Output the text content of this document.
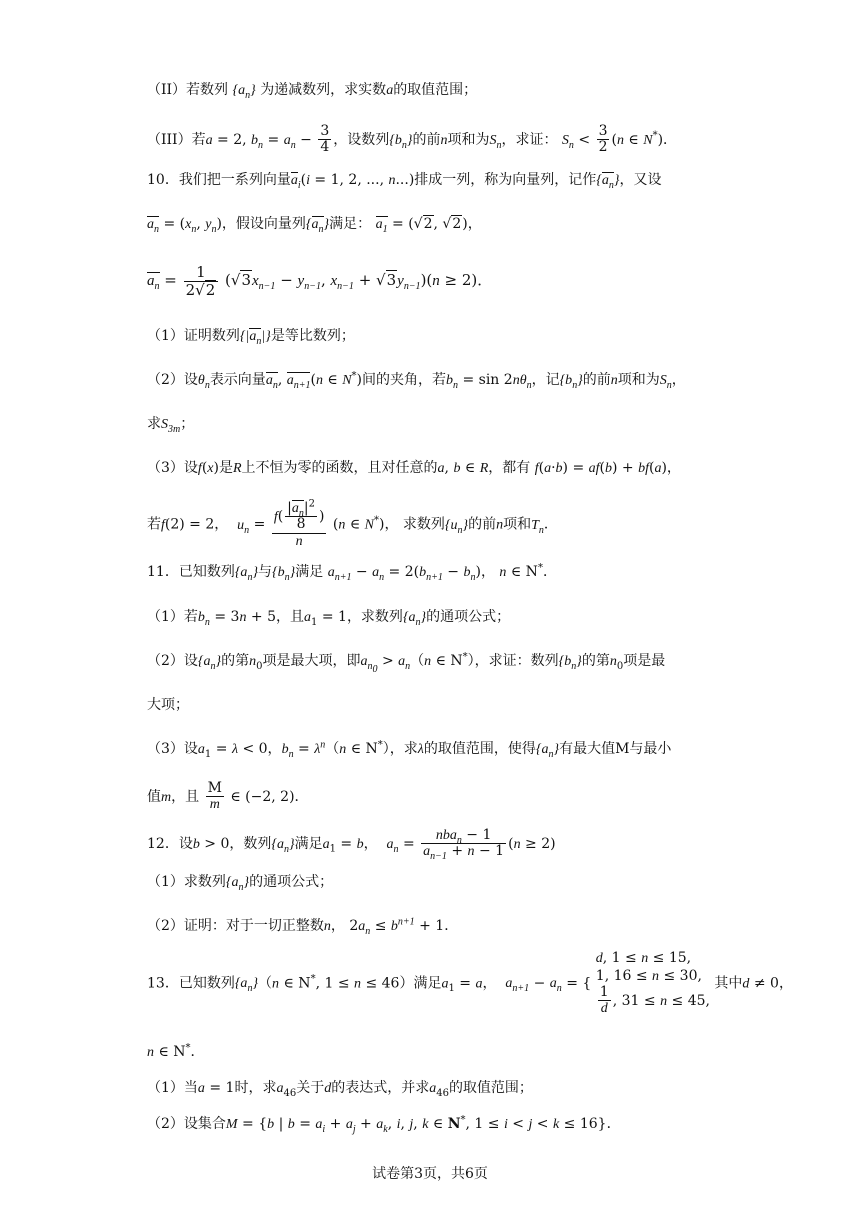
（II）若数列 $\{a_n\}$ 为递减数列，求实数a的取值范围；
（III）若a = 2, $b_n = a_n - \frac{3}{4}$ ，设数列$\{b_n\}$的前n项和为$S_n$，求证： $S_n < \frac{3}{2} (n$ ∈ N*)．
10．我们把一系列向量$a_i(i = 1$, 2, ..., n...)排成一列，称为向量列，记作$\{a_n\}$，又设
$a_n = (x_n$, $y_n$)，假设向量列$\{a_n\}$满足： $a_1 = (√2$, √2)，
$a_n = \frac{1}{2√2} (√3x_{n-1} - y_{n-1}$, $x_{n-1} + √3y_{n-1})(n \ge 2)$．
（1）证明数列$\{|a_n|\}$是等比数列；
（2）设$\theta_n$表示向量$a_n$, $a_{n+1}(n$ ∈ N*)间的夹角，若$b_n = \sin 2n\theta_n$，记$\{b_n\}$的前n项和为$S_n$，
求$S_{3m}$；
（3）设f(x)是R上不恒为零的函数，且对任意的a, b ∈ R，都有 f(a·b) = af(b) + bf(a)，
若f(2) = 2，  $u_n = \frac{f( \frac{|a_n|^2}{8} )}{n} (n$ ∈ N*)， 求数列$\{u_n\}$的前n项和$T_n$．
11．已知数列$\{a_n\}$与$\{b_n\}$满足 $a_{n+1} - a_n = 2(b_{n+1} - b_n)$， n ∈ N*．
（1）若$b_n = 3n + 5$，且$a_1 = 1$，求数列$\{a_n\}$的通项公式；
（2）设$\{a_n\}$的第$n_0$项是最大项，即$a_{n_0} > a_n(n$ ∈ N*），求证：数列$\{b_n\}$的第$n_0$项是最
大项；
（3）设$a_1 = \lambda < 0$，$b_n = \lambda^n(n$ ∈ N*），求λ的取值范围，使得$\{a_n\}$有最大值M与最小
值m，且 $\frac{M}{m}$ ∈ (−2, 2)．
12．设b > 0，数列$\{a_n\}$满足$a_1 = b$，  $a_n = \frac{nba_n - 1}{a_{n-1} + n - 1} (n \ge 2)$
（1）求数列$\{a_n\}$的通项公式；
（2）证明：对于一切正整数n， $2a_n \le b^{n+1} + 1$．
13．已知数列$\{a_n\}(n$ ∈ N*, 1 ≤ n ≤ 46）满足$a_1 = a$，  $a_{n+1} - a_n$ = {
d, 1 ≤ n ≤ 15,
1, 16 ≤ n ≤ 30,
$\frac{1}{d}$ , 31 ≤ n ≤ 45,
其中d ≠ 0，
n ∈ N*．
（1）当a = 1时，求$a_{46}$关于d的表达式，并求$a_{46}$的取值范围；
（2）设集合M = {b | $b = a_i + a_j + a_k$, i, j, k ∈ N*, 1 ≤ i < j < k ≤ 16}．
试卷第3页，共6页
